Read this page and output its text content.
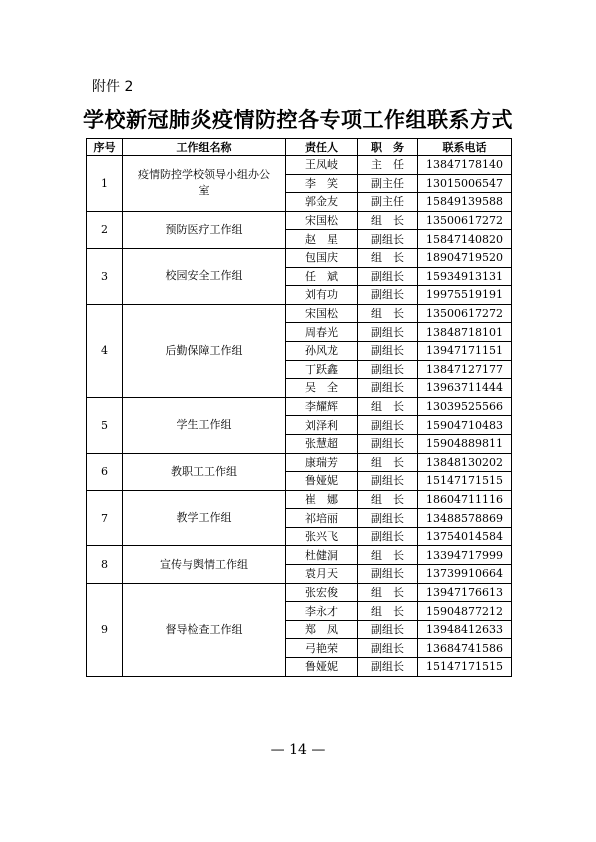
附件 2
学校新冠肺炎疫情防控各专项工作组联系方式
序号	工作组名称	责任人	职　务	联系电话
1	疫情防控学校领导小组办公室	王凤岐	主　任	13847178140
		李　笑	副主任	13015006547
		郭金友	副主任	15849139588
2	预防医疗工作组	宋国松	组　长	13500617272
		赵　星	副组长	15847140820
3	校园安全工作组	包国庆	组　长	18904719520
		任　斌	副组长	15934913131
		刘有功	副组长	19975519191
4	后勤保障工作组	宋国松	组　长	13500617272
		周春光	副组长	13848718101
		孙风龙	副组长	13947171151
		丁跃鑫	副组长	13847127177
		吴　全	副组长	13963711444
5	学生工作组	李耀辉	组　长	13039525566
		刘泽利	副组长	15904710483
		张慧超	副组长	15904889811
6	教职工工作组	康瑞芳	组　长	13848130202
		鲁娅妮	副组长	15147171515
7	教学工作组	崔　娜	组　长	18604711116
		祁培丽	副组长	13488578869
		张兴飞	副组长	13754014584
8	宣传与舆情工作组	杜健洞	组　长	13394717999
		袁月天	副组长	13739910664
9	督导检查工作组	张宏俊	组　长	13947176613
		李永才	组　长	15904877212
		郑　凤	副组长	13948412633
		弓艳荣	副组长	13684741586
		鲁娅妮	副组长	15147171515
— 14 —
